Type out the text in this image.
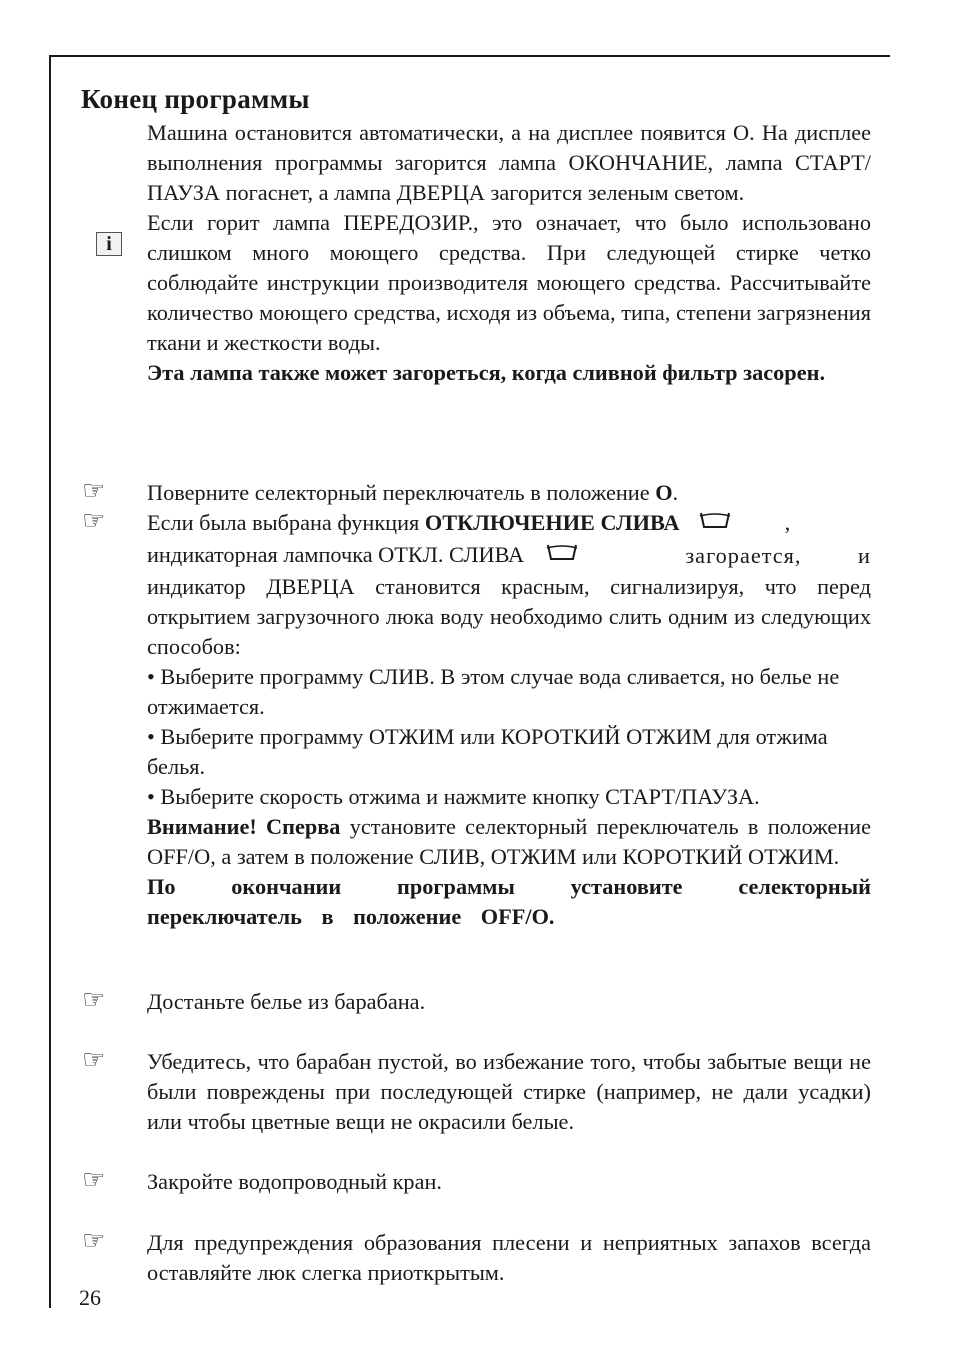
Конец программы
i

Машина остановится автоматически, а на дисплее появится О. На дисплее выполнения программы загорится лампа ОКОНЧАНИЕ, лампа СТАРТ/ПАУЗА погаснет, а лампа ДВЕРЦА загорится зеленым светом.

Если горит лампа ПЕРЕДОЗИР., это означает, что было использовано слишком много моющего средства. При следующей стирке четко соблюдайте инструкции производителя моющего средства. Рассчитывайте количество моющего средства, исходя из объема, типа, степени загрязнения ткани и жесткости воды.

Эта лампа также может загореться, когда сливной фильтр засорен.

☞	Поверните селекторный переключатель в положение О.

☞	Если была выбрана функция ОТКЛЮЧЕНИЕ СЛИВА	,

индикаторная лампочка ОТКЛ. СЛИВА	загорается, и

индикатор ДВЕРЦА становится красным, сигнализируя, что перед открытием загрузочного люка воду необходимо слить одним из следующих способов:

• Выберите программу СЛИВ. В этом случае вода сливается, но белье не отжимается.

• Выберите программу ОТЖИМ или КОРОТКИЙ ОТЖИМ для отжима белья.

• Выберите скорость отжима и нажмите кнопку СТАРТ/ПАУЗА.

Внимание! Сперва установите селекторный переключатель в положение OFF/O, а затем в положение СЛИВ, ОТЖИМ или КОРОТКИЙ ОТЖИМ.

По окончании программы установите селекторный переключатель в положение OFF/O.

☞	Достаньте белье из барабана.

☞	Убедитесь, что барабан пустой, во избежание того, чтобы забытые вещи не были повреждены при последующей стирке (например, не дали усадки) или чтобы цветные вещи не окрасили белые.

☞	Закройте водопроводный кран.

☞	Для предупреждения образования плесени и неприятных запахов всегда оставляйте люк слегка приоткрытым.

26
